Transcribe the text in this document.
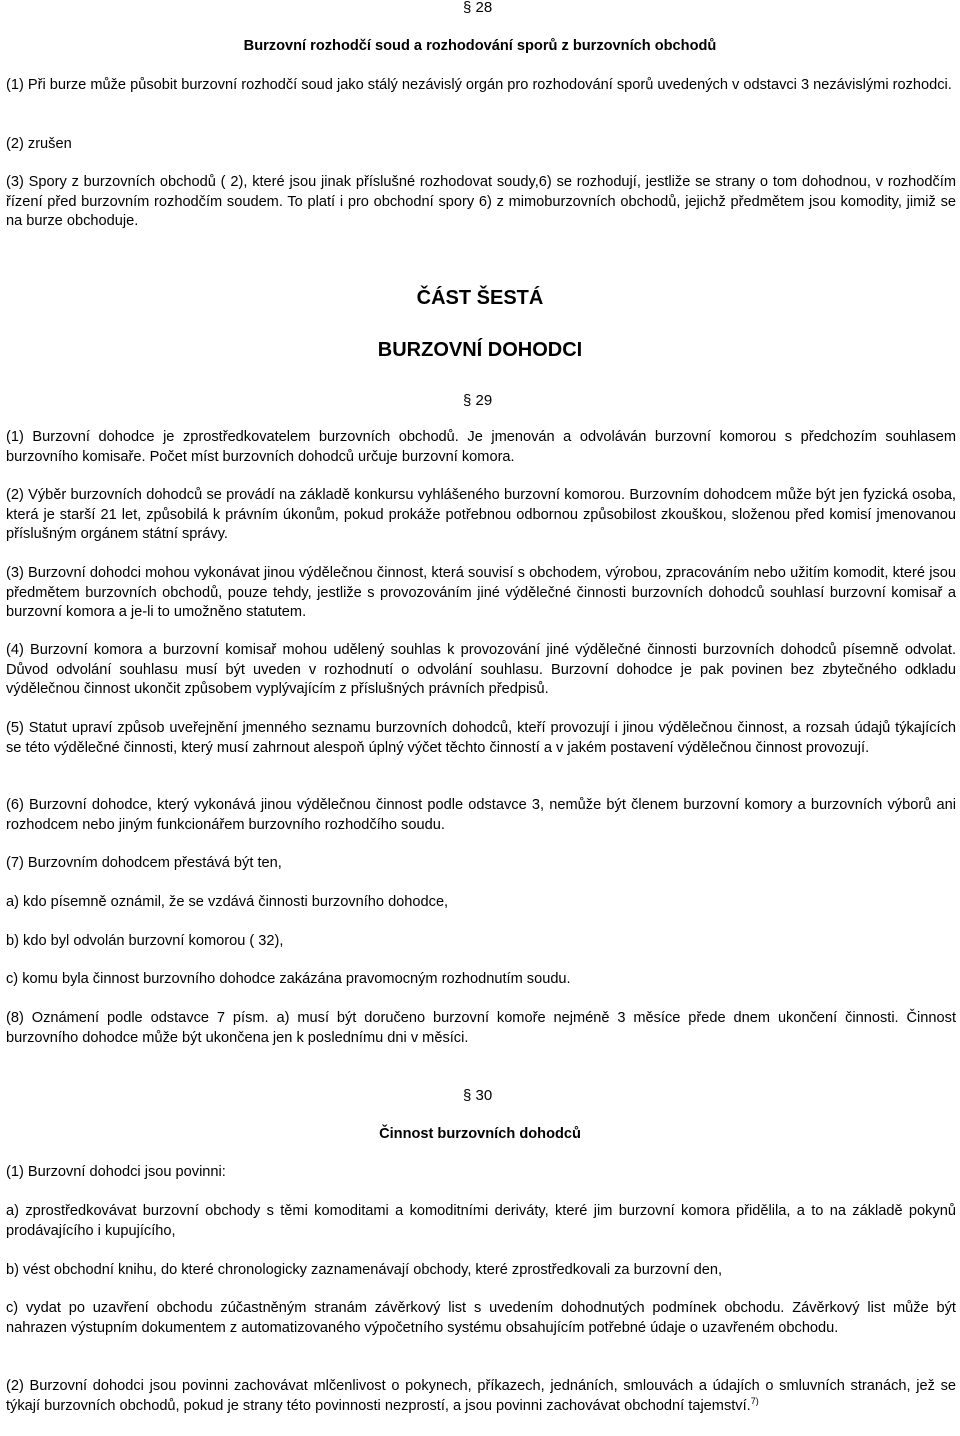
§ 28
Burzovní rozhodčí soud a rozhodování sporů z burzovních obchodů
(1) Při burze může působit burzovní rozhodčí soud jako stálý nezávislý orgán pro rozhodování sporů uvedených v odstavci 3 nezávislými rozhodci.
(2) zrušen
(3) Spory z burzovních obchodů ( 2), které jsou jinak příslušné rozhodovat soudy,6) se rozhodují, jestliže se strany o tom dohodnou, v rozhodčím řízení před burzovním rozhodčím soudem. To platí i pro obchodní spory 6) z mimoburzovních obchodů, jejichž předmětem jsou komodity, jimiž se na burze obchoduje.
ČÁST ŠESTÁ
BURZOVNÍ DOHODCI
§ 29
(1) Burzovní dohodce je zprostředkovatelem burzovních obchodů. Je jmenován a odvoláván burzovní komorou s předchozím souhlasem burzovního komisaře. Počet míst burzovních dohodců určuje burzovní komora.
(2) Výběr burzovních dohodců se provádí na základě konkursu vyhlášeného burzovní komorou. Burzovním dohodcem může být jen fyzická osoba, která je starší 21 let, způsobilá k právním úkonům, pokud prokáže potřebnou odbornou způsobilost zkouškou, složenou před komisí jmenovanou příslušným orgánem státní správy.
(3) Burzovní dohodci mohou vykonávat jinou výdělečnou činnost, která souvisí s obchodem, výrobou, zpracováním nebo užitím komodit, které jsou předmětem burzovních obchodů, pouze tehdy, jestliže s provozováním jiné výdělečné činnosti burzovních dohodců souhlasí burzovní komisař a burzovní komora a je-li to umožněno statutem.
(4) Burzovní komora a burzovní komisař mohou udělený souhlas k provozování jiné výdělečné činnosti burzovních dohodců písemně odvolat. Důvod odvolání souhlasu musí být uveden v rozhodnutí o odvolání souhlasu. Burzovní dohodce je pak povinen bez zbytečného odkladu výdělečnou činnost ukončit způsobem vyplývajícím z příslušných právních předpisů.
(5) Statut upraví způsob uveřejnění jmenného seznamu burzovních dohodců, kteří provozují i jinou výdělečnou činnost, a rozsah údajů týkajících se této výdělečné činnosti, který musí zahrnout alespoň úplný výčet těchto činností a v jakém postavení výdělečnou činnost provozují.
(6) Burzovní dohodce, který vykonává jinou výdělečnou činnost podle odstavce 3, nemůže být členem burzovní komory a burzovních výborů ani rozhodcem nebo jiným funkcionářem burzovního rozhodčího soudu.
(7) Burzovním dohodcem přestává být ten,
a) kdo písemně oznámil, že se vzdává činnosti burzovního dohodce,
b) kdo byl odvolán burzovní komorou ( 32),
c) komu byla činnost burzovního dohodce zakázána pravomocným rozhodnutím soudu.
(8) Oznámení podle odstavce 7 písm. a) musí být doručeno burzovní komoře nejméně 3 měsíce přede dnem ukončení činnosti. Činnost burzovního dohodce může být ukončena jen k poslednímu dni v měsíci.
§ 30
Činnost burzovních dohodců
(1) Burzovní dohodci jsou povinni:
a) zprostředkovávat burzovní obchody s těmi komoditami a komoditními deriváty, které jim burzovní komora přidělila, a to na základě pokynů prodávajícího i kupujícího,
b) vést obchodní knihu, do které chronologicky zaznamenávají obchody, které zprostředkovali za burzovní den,
c) vydat po uzavření obchodu zúčastněným stranám závěrkový list s uvedením dohodnutých podmínek obchodu. Závěrkový list může být nahrazen výstupním dokumentem z automatizovaného výpočetního systému obsahujícím potřebné údaje o uzavřeném obchodu.
(2) Burzovní dohodci jsou povinni zachovávat mlčenlivost o pokynech, příkazech, jednáních, smlouvách a údajích o smluvních stranách, jež se týkají burzovních obchodů, pokud je strany této povinnosti nezprostí, a jsou povinni zachovávat obchodní tajemství.$^{7)}$
